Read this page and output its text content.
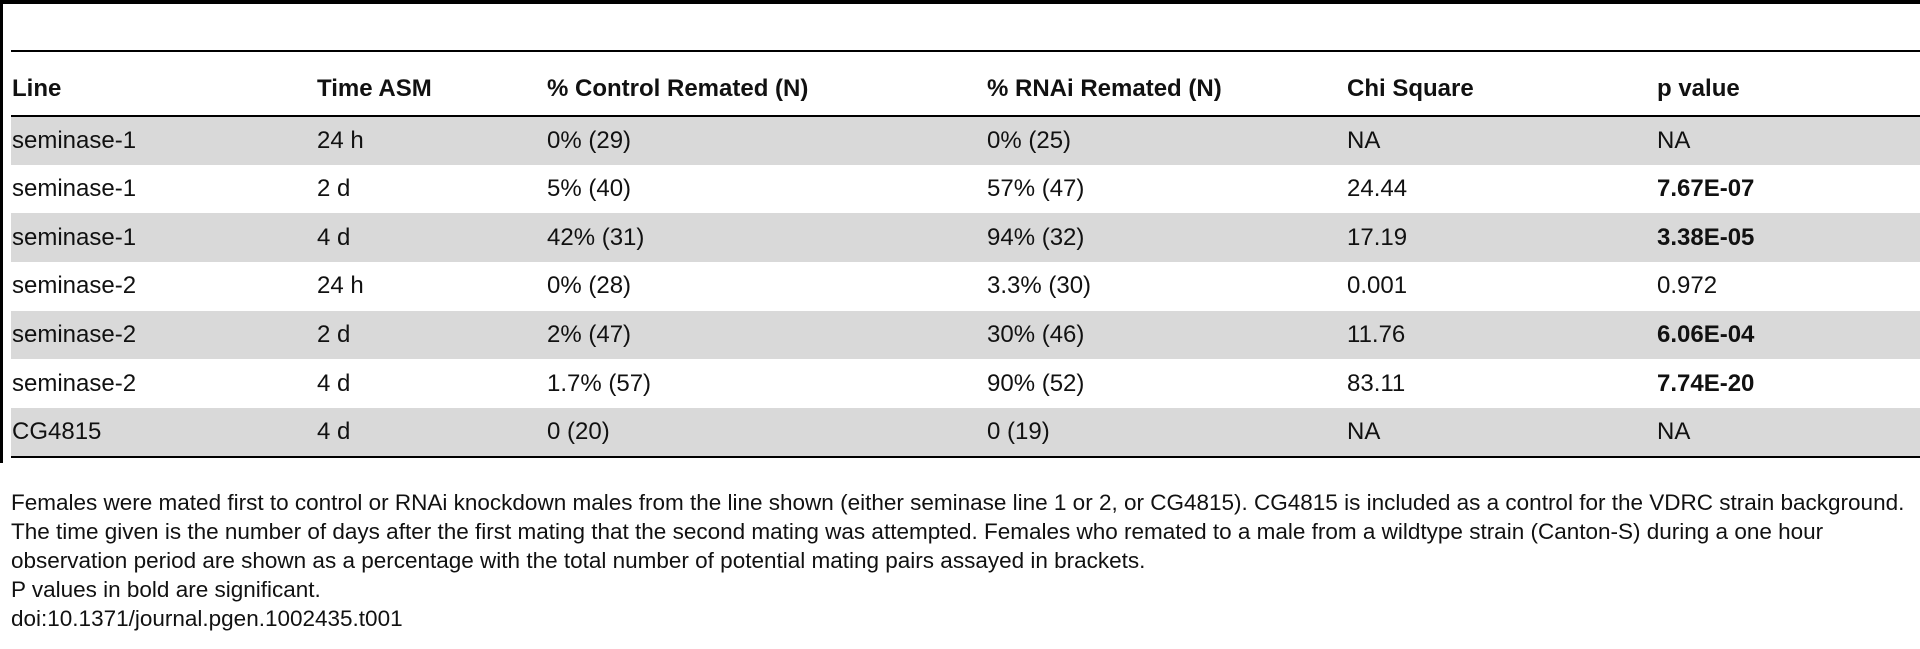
Line	Time ASM	% Control Remated (N)	% RNAi Remated (N)	Chi Square	p value
seminase-1	24 h	0% (29)	0% (25)	NA	NA
seminase-1	2 d	5% (40)	57% (47)	24.44	7.67E-07
seminase-1	4 d	42% (31)	94% (32)	17.19	3.38E-05
seminase-2	24 h	0% (28)	3.3% (30)	0.001	0.972
seminase-2	2 d	2% (47)	30% (46)	11.76	6.06E-04
seminase-2	4 d	1.7% (57)	90% (52)	83.11	7.74E-20
CG4815	4 d	0 (20)	0 (19)	NA	NA

Females were mated first to control or RNAi knockdown males from the line shown (either seminase line 1 or 2, or CG4815). CG4815 is included as a control for the VDRC strain background. The time given is the number of days after the first mating that the second mating was attempted. Females who remated to a male from a wildtype strain (Canton-S) during a one hour observation period are shown as a percentage with the total number of potential mating pairs assayed in brackets.

P values in bold are significant.

doi:10.1371/journal.pgen.1002435.t001
